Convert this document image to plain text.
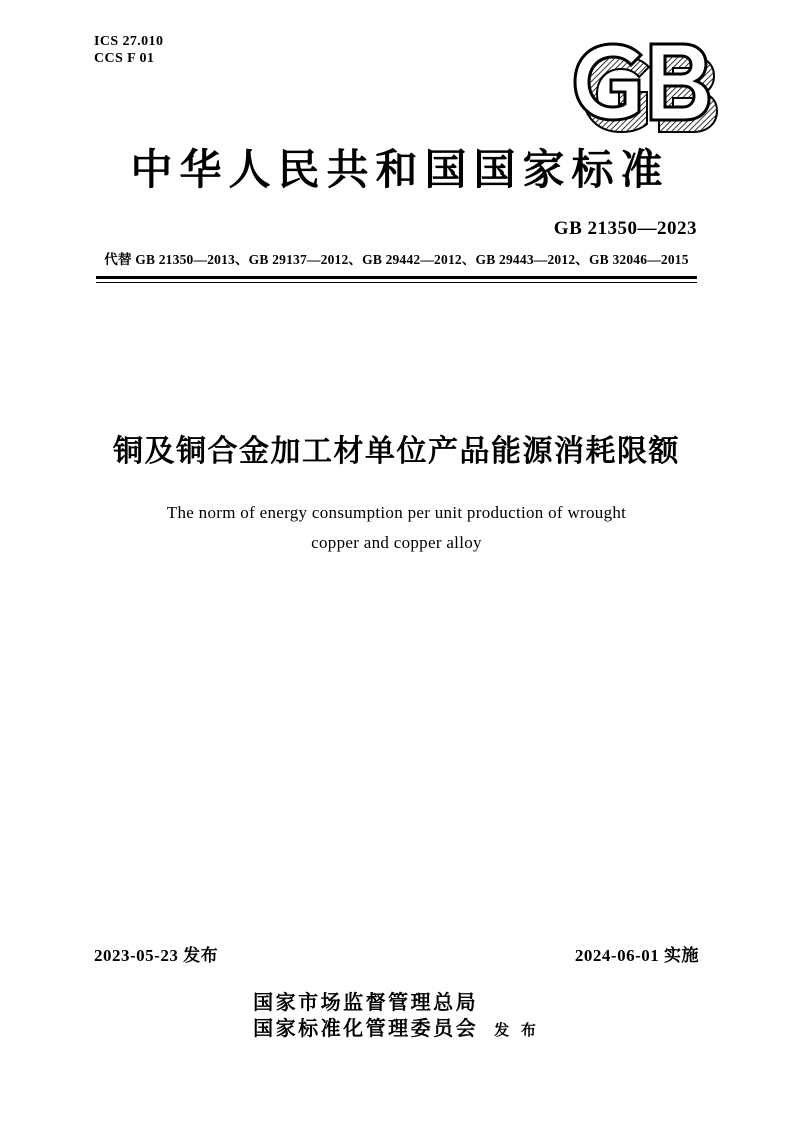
ICS 27.010
CCS F 01
中华人民共和国国家标准
GB 21350—2023
代替 GB 21350—2013、GB 29137—2012、GB 29442—2012、GB 29443—2012、GB 32046—2015
铜及铜合金加工材单位产品能源消耗限额
The norm of energy consumption per unit production of wrought
copper and copper alloy
2023-05-23 发布	2024-06-01 实施
国家市场监督管理总局
国家标准化管理委员会 发 布
